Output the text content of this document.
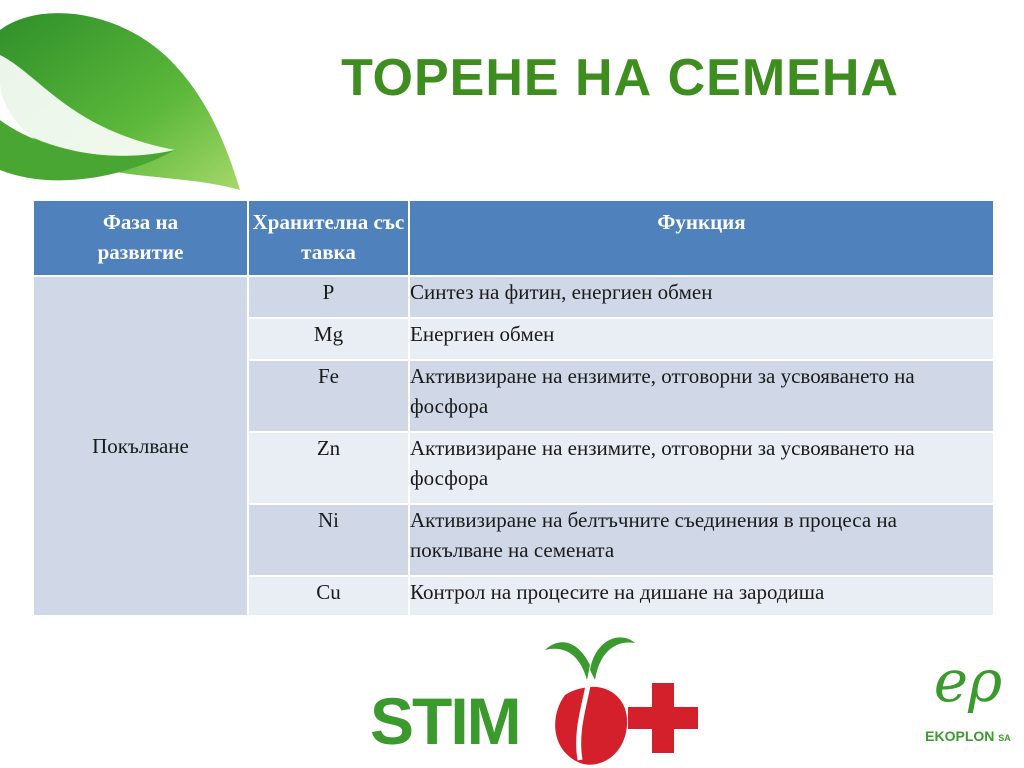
ТОРЕНЕ НА СЕМЕНА
Фаза на развитие	Хранителна съставка	Функция
Покълване	P	Синтез на фитин, енергиен обмен
	Mg	Енергиен обмен
	Fe	Активизиране на ензимите, отговорни за усвояването на фосфора
	Zn	Активизиране на ензимите, отговорни за усвояването на фосфора
	Ni	Активизиране на белтъчните съединения в процеса на покълване на семената
	Cu	Контрол на процесите на дишане на зародиша
STIM
eρ
EKOPLON SA
